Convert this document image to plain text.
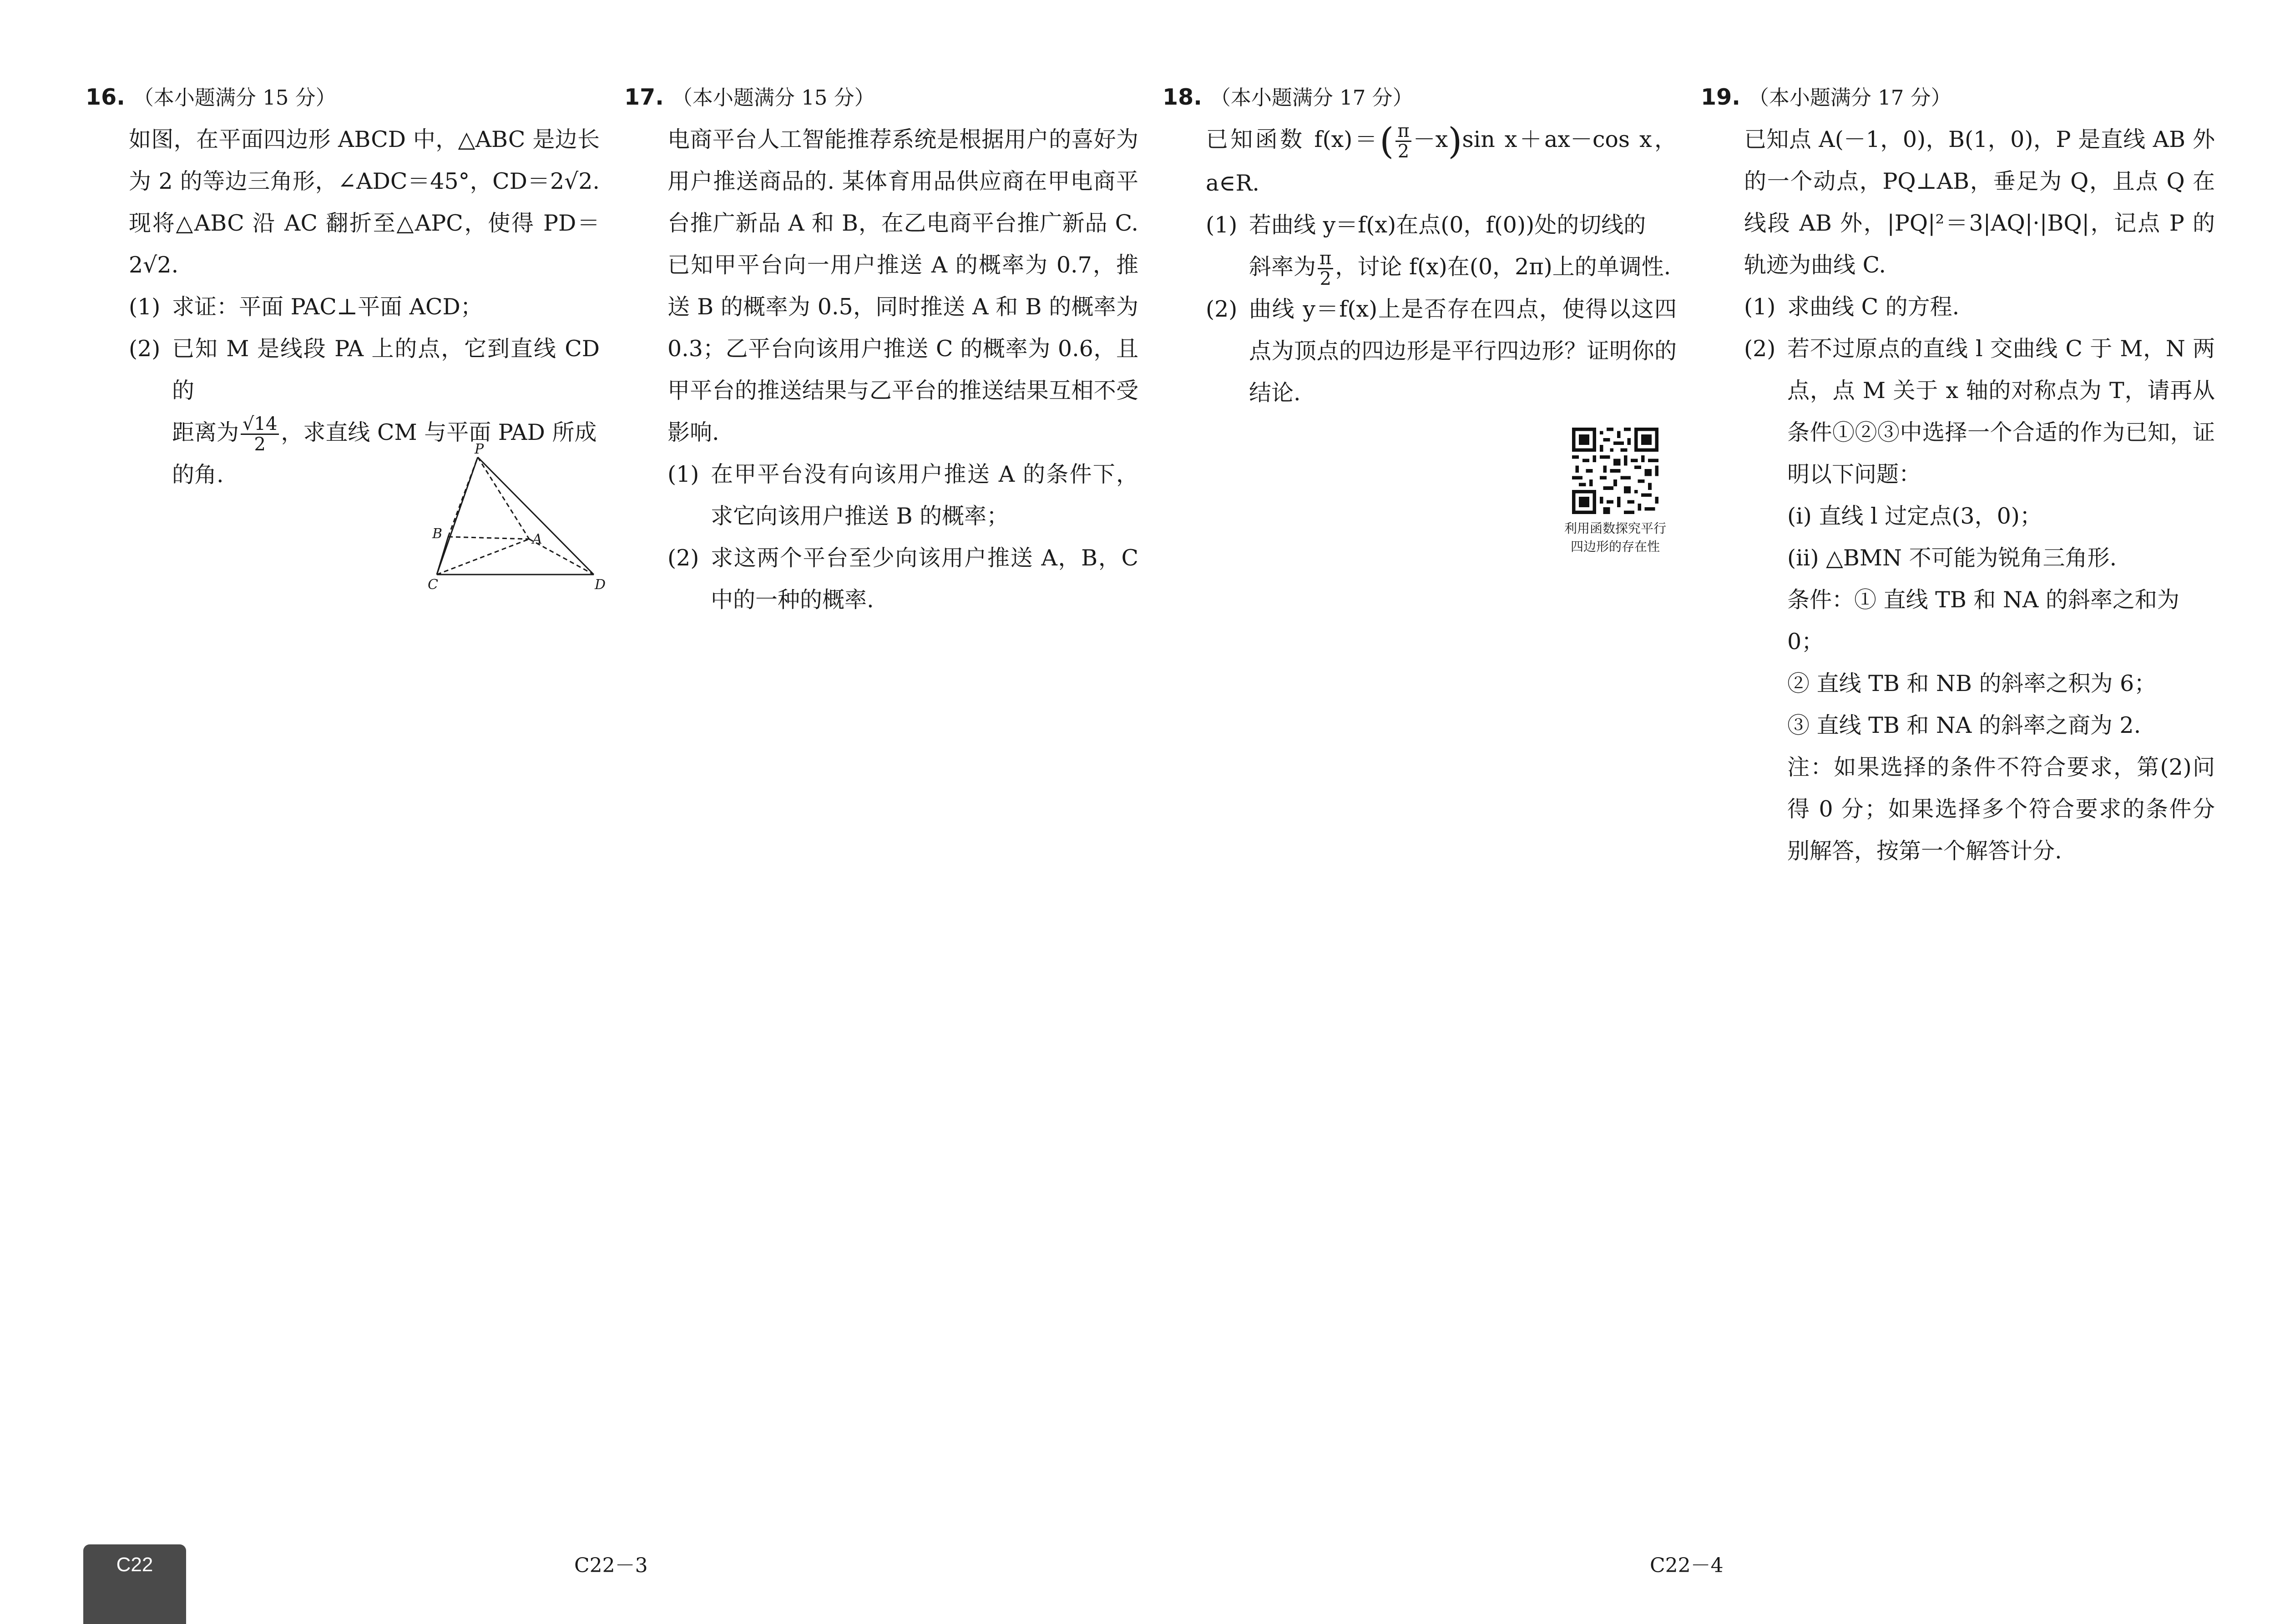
16. （本小题满分 15 分）
如图，在平面四边形 ABCD 中，△ABC 是边长为 2 的等边三角形，∠ADC＝45°，CD＝2√2. 现将△ABC 沿 AC 翻折至△APC，使得 PD＝2√2.
(1) 求证：平面 PAC⊥平面 ACD；
(2) 已知 M 是线段 PA 上的点，它到直线 CD 的
距离为 $\frac{√14}{2}$ ，求直线 CM 与平面 PAD 所成
的角.
P
B	A
C	D
17. （本小题满分 15 分）
电商平台人工智能推荐系统是根据用户的喜好为用户推送商品的. 某体育用品供应商在甲电商平台推广新品 A 和 B，在乙电商平台推广新品 C. 已知甲平台向一用户推送 A 的概率为 0.7，推送 B 的概率为 0.5，同时推送 A 和 B 的概率为 0.3；乙平台向该用户推送 C 的概率为 0.6，且甲平台的推送结果与乙平台的推送结果互相不受影响.
(1) 在甲平台没有向该用户推送 A 的条件下，求它向该用户推送 B 的概率；
(2) 求这两个平台至少向该用户推送 A，B，C 中的一种的概率.
18. （本小题满分 17 分）
已知函数 $f(x)=( \frac{\pi}{2} -x)\sin$ x＋ax－cos x，a∈R.
(1) 若曲线 y＝f(x)在点(0，f(0))处的切线的
斜率为 $\frac{\pi}{2}$ ，讨论 f(x)在(0，2π)上的单调性.
(2) 曲线 y＝f(x)上是否存在四点，使得以这四点为顶点的四边形是平行四边形？证明你的结论.
利用函数探究平行
四边形的存在性
19. （本小题满分 17 分）
已知点 A(－1，0)，B(1，0)，P 是直线 AB 外的一个动点，PQ⊥AB，垂足为 Q，且点 Q 在线段 AB 外，|PQ|²＝3|AQ|·|BQ|，记点 P 的轨迹为曲线 C.
(1) 求曲线 C 的方程.
(2) 若不过原点的直线 l 交曲线 C 于 M，N 两点，点 M 关于 x 轴的对称点为 T，请再从条件①②③中选择一个合适的作为已知，证明以下问题：
(ⅰ) 直线 l 过定点(3，0)；
(ⅱ) △BMN 不可能为锐角三角形.
条件：① 直线 TB 和 NA 的斜率之和为 0；
② 直线 TB 和 NB 的斜率之积为 6；
③ 直线 TB 和 NA 的斜率之商为 2.
注：如果选择的条件不符合要求，第(2)问得 0 分；如果选择多个符合要求的条件分别解答，按第一个解答计分.
C22	C22－3	C22－4
